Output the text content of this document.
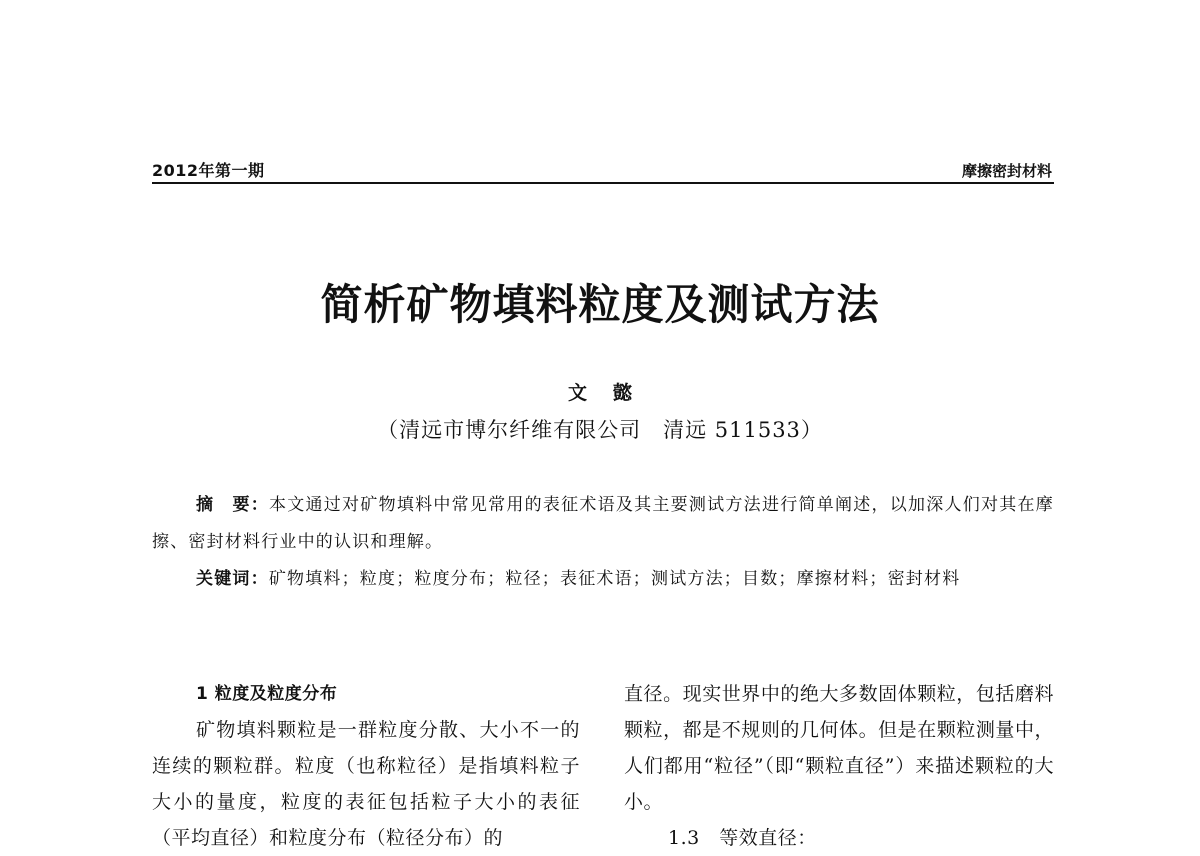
2012年第一期	摩擦密封材料
简析矿物填料粒度及测试方法
文懿
（清远市博尔纤维有限公司　清远 511533）
摘　要：本文通过对矿物填料中常见常用的表征术语及其主要测试方法进行简单阐述，以加深人们对其在摩擦、密封材料行业中的认识和理解。
关键词：矿物填料；粒度；粒度分布；粒径；表征术语；测试方法；目数；摩擦材料；密封材料
1 粒度及粒度分布

矿物填料颗粒是一群粒度分散、大小不一的连续的颗粒群。粒度（也称粒径）是指填料粒子大小的量度，粒度的表征包括粒子大小的表征（平均直径）和粒度分布（粒径分布）的

直径。现实世界中的绝大多数固体颗粒，包括磨料颗粒，都是不规则的几何体。但是在颗粒测量中，人们都用“粒径”（即“颗粒直径”）来描述颗粒的大小。

1.3　等效直径：
